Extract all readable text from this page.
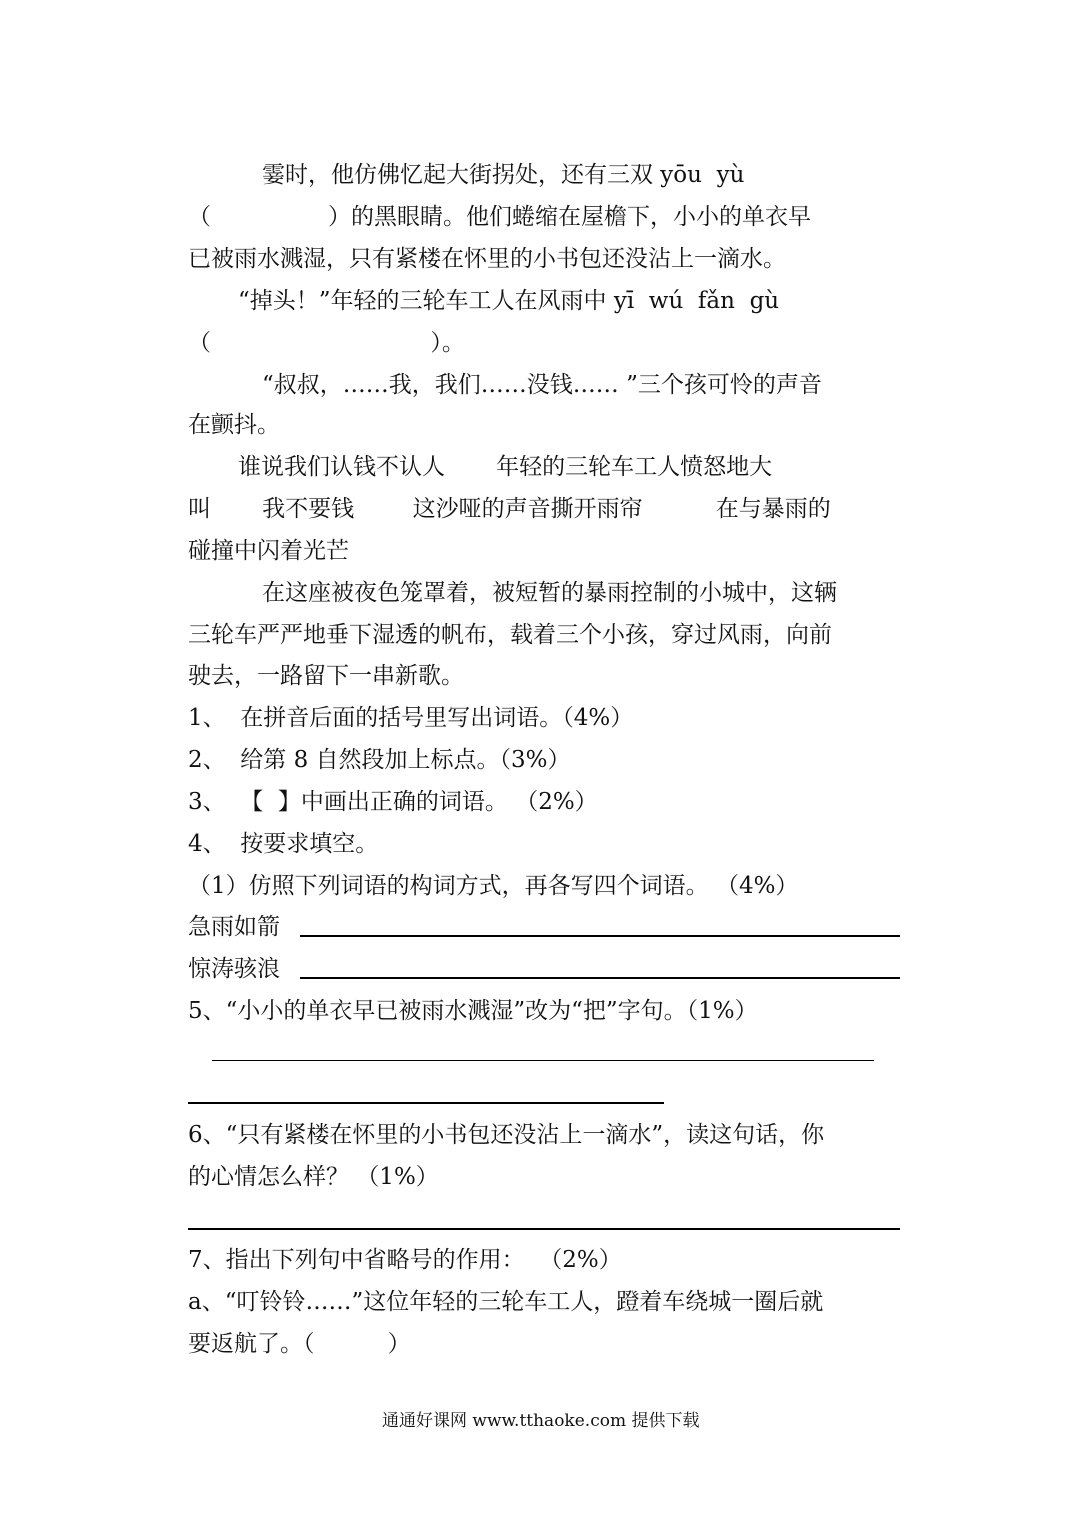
霎时，他仿佛忆起大街拐处，还有三双 yōu  yù
（                ）的黑眼睛。他们蜷缩在屋檐下，小小的单衣早
已被雨水溅湿，只有紧楼在怀里的小书包还没沾上一滴水。
“掉头！”年轻的三轮车工人在风雨中 yī  wú  fǎn  gù
（                              ）。
“叔叔，……我，我们……没钱…… ”三个孩可怜的声音
在颤抖。
谁说我们认钱不认人       年轻的三轮车工人愤怒地大
叫       我不要钱        这沙哑的声音撕开雨帘          在与暴雨的
碰撞中闪着光芒
在这座被夜色笼罩着，被短暂的暴雨控制的小城中，这辆
三轮车严严地垂下湿透的帆布，载着三个小孩，穿过风雨，向前
驶去，一路留下一串新歌。
1、  在拼音后面的括号里写出词语。（4%）
2、  给第 8 自然段加上标点。（3%）
3、  【  】中画出正确的词语。 （2%）
4、  按要求填空。
（1）仿照下列词语的构词方式，再各写四个词语。 （4%）
急雨如箭
惊涛骇浪
5、“小小的单衣早已被雨水溅湿”改为“把”字句。（1%）
6、“只有紧楼在怀里的小书包还没沾上一滴水”，读这句话，你
的心情怎么样？ （1%）
7、指出下列句中省略号的作用：  （2%）
a、“叮铃铃……”这位年轻的三轮车工人，蹬着车绕城一圈后就
要返航了。（          ）
通通好课网 www.tthaoke.com 提供下载
